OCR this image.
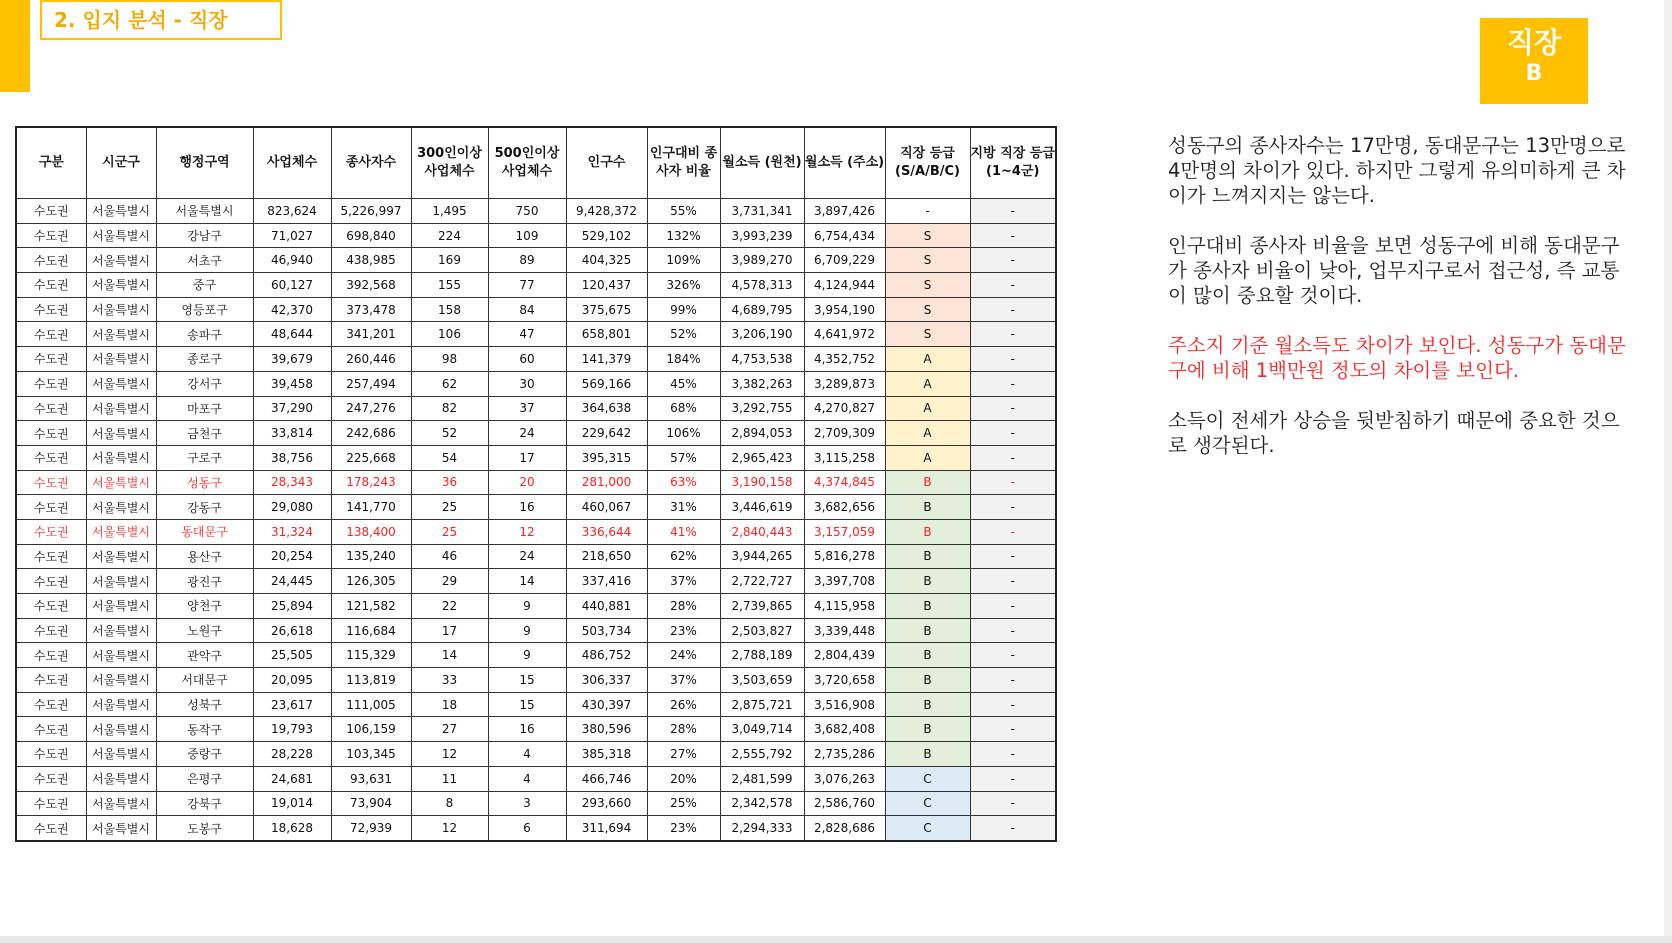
2. 입지 분석 - 직장
직장
B
구분	시군구	행정구역	사업체수	종사자수	300인이상 사업체수	500인이상 사업체수	인구수	인구대비 종사자 비율	월소득 (원천)	월소득 (주소)	직장 등급 (S/A/B/C)	지방 직장 등급 (1~4군)
수도권	서울특별시	서울특별시	823,624	5,226,997	1,495	750	9,428,372	55%	3,731,341	3,897,426	-	-
수도권	서울특별시	강남구	71,027	698,840	224	109	529,102	132%	3,993,239	6,754,434	S	-
수도권	서울특별시	서초구	46,940	438,985	169	89	404,325	109%	3,989,270	6,709,229	S	-
수도권	서울특별시	중구	60,127	392,568	155	77	120,437	326%	4,578,313	4,124,944	S	-
수도권	서울특별시	영등포구	42,370	373,478	158	84	375,675	99%	4,689,795	3,954,190	S	-
수도권	서울특별시	송파구	48,644	341,201	106	47	658,801	52%	3,206,190	4,641,972	S	-
수도권	서울특별시	종로구	39,679	260,446	98	60	141,379	184%	4,753,538	4,352,752	A	-
수도권	서울특별시	강서구	39,458	257,494	62	30	569,166	45%	3,382,263	3,289,873	A	-
수도권	서울특별시	마포구	37,290	247,276	82	37	364,638	68%	3,292,755	4,270,827	A	-
수도권	서울특별시	금천구	33,814	242,686	52	24	229,642	106%	2,894,053	2,709,309	A	-
수도권	서울특별시	구로구	38,756	225,668	54	17	395,315	57%	2,965,423	3,115,258	A	-
수도권	서울특별시	성동구	28,343	178,243	36	20	281,000	63%	3,190,158	4,374,845	B	-
수도권	서울특별시	강동구	29,080	141,770	25	16	460,067	31%	3,446,619	3,682,656	B	-
수도권	서울특별시	동대문구	31,324	138,400	25	12	336,644	41%	2,840,443	3,157,059	B	-
수도권	서울특별시	용산구	20,254	135,240	46	24	218,650	62%	3,944,265	5,816,278	B	-
수도권	서울특별시	광진구	24,445	126,305	29	14	337,416	37%	2,722,727	3,397,708	B	-
수도권	서울특별시	양천구	25,894	121,582	22	9	440,881	28%	2,739,865	4,115,958	B	-
수도권	서울특별시	노원구	26,618	116,684	17	9	503,734	23%	2,503,827	3,339,448	B	-
수도권	서울특별시	관악구	25,505	115,329	14	9	486,752	24%	2,788,189	2,804,439	B	-
수도권	서울특별시	서대문구	20,095	113,819	33	15	306,337	37%	3,503,659	3,720,658	B	-
수도권	서울특별시	성북구	23,617	111,005	18	15	430,397	26%	2,875,721	3,516,908	B	-
수도권	서울특별시	동작구	19,793	106,159	27	16	380,596	28%	3,049,714	3,682,408	B	-
수도권	서울특별시	중랑구	28,228	103,345	12	4	385,318	27%	2,555,792	2,735,286	B	-
수도권	서울특별시	은평구	24,681	93,631	11	4	466,746	20%	2,481,599	3,076,263	C	-
수도권	서울특별시	강북구	19,014	73,904	8	3	293,660	25%	2,342,578	2,586,760	C	-
수도권	서울특별시	도봉구	18,628	72,939	12	6	311,694	23%	2,294,333	2,828,686	C	-

성동구의 종사자수는 17만명, 동대문구는 13만명으로 4만명의 차이가 있다. 하지만 그렇게 유의미하게 큰 차이가 느껴지지는 않는다.

인구대비 종사자 비율을 보면 성동구에 비해 동대문구가 종사자 비율이 낮아, 업무지구로서 접근성, 즉 교통이 많이 중요할 것이다.

주소지 기준 월소득도 차이가 보인다. 성동구가 동대문구에 비해 1백만원 정도의 차이를 보인다.

소득이 전세가 상승을 뒷받침하기 때문에 중요한 것으로 생각된다.
